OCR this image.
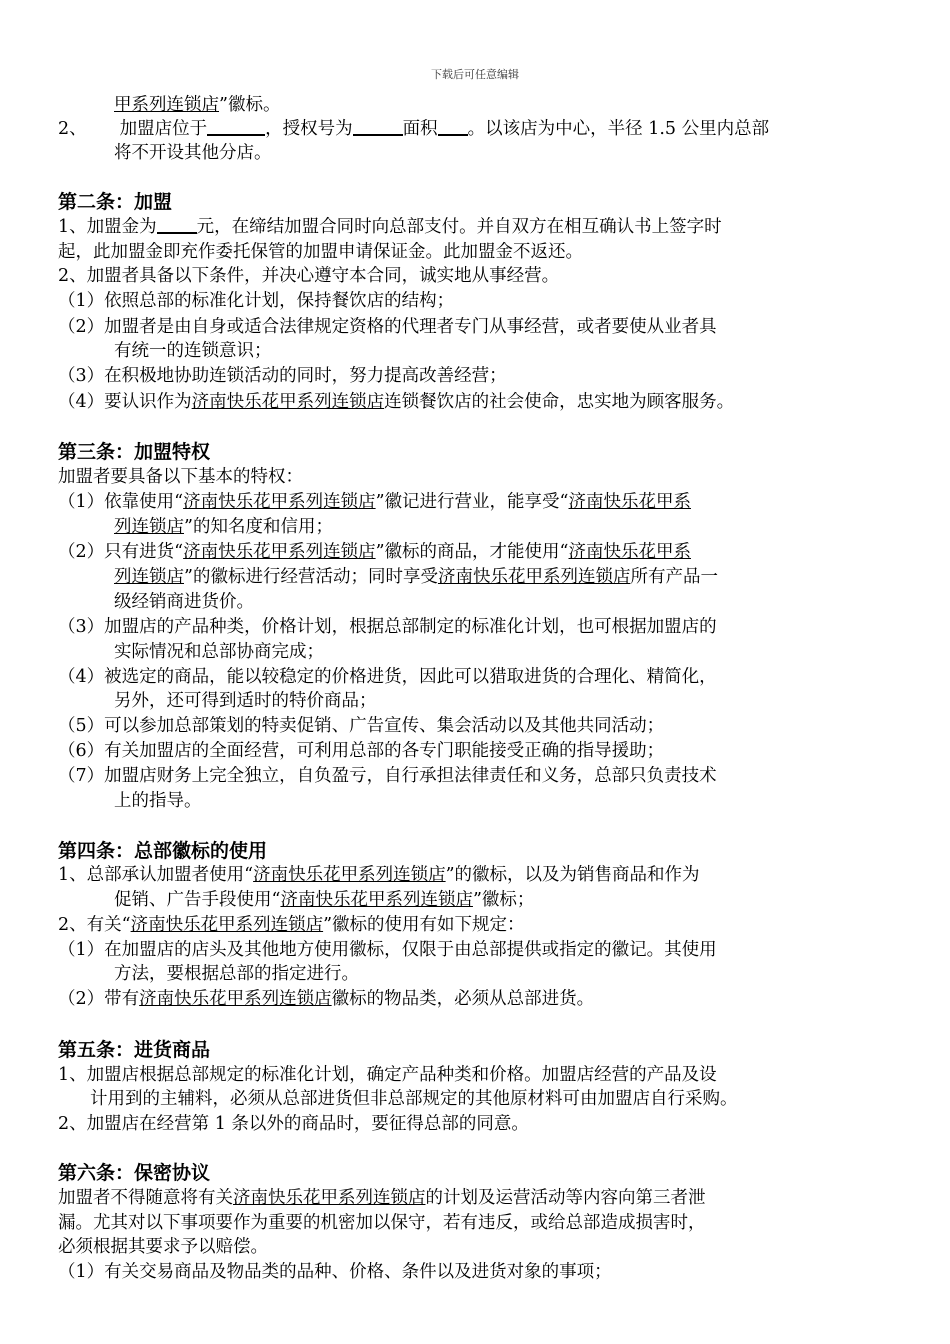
下载后可任意编辑
甲系列连锁店”徽标。
2、 加盟店位于	，授权号为	面积 。以该店为中心，半径 1.5 公里内总部
将不开设其他分店。
第二条：加盟
1、加盟金为 元，在缔结加盟合同时向总部支付。并自双方在相互确认书上签字时
起，此加盟金即充作委托保管的加盟申请保证金。此加盟金不返还。
2、加盟者具备以下条件，并决心遵守本合同，诚实地从事经营。
（1）依照总部的标准化计划，保持餐饮店的结构；
（2）加盟者是由自身或适合法律规定资格的代理者专门从事经营，或者要使从业者具
有统一的连锁意识；
（3）在积极地协助连锁活动的同时，努力提高改善经营；
（4）要认识作为济南快乐花甲系列连锁店连锁餐饮店的社会使命，忠实地为顾客服务。
第三条：加盟特权
加盟者要具备以下基本的特权：
（1）依靠使用“济南快乐花甲系列连锁店”徽记进行营业，能享受“济南快乐花甲系
列连锁店”的知名度和信用；
（2）只有进货“济南快乐花甲系列连锁店”徽标的商品，才能使用“济南快乐花甲系
列连锁店”的徽标进行经营活动；同时享受济南快乐花甲系列连锁店所有产品一
级经销商进货价。
（3）加盟店的产品种类，价格计划，根据总部制定的标准化计划，也可根据加盟店的
实际情况和总部协商完成；
（4）被选定的商品，能以较稳定的价格进货，因此可以猎取进货的合理化、精简化，
另外，还可得到适时的特价商品；
（5）可以参加总部策划的特卖促销、广告宣传、集会活动以及其他共同活动；
（6）有关加盟店的全面经营，可利用总部的各专门职能接受正确的指导援助；
（7）加盟店财务上完全独立，自负盈亏，自行承担法律责任和义务，总部只负责技术
上的指导。
第四条：总部徽标的使用
1、总部承认加盟者使用“济南快乐花甲系列连锁店”的徽标，以及为销售商品和作为
促销、广告手段使用“济南快乐花甲系列连锁店”徽标；
2、有关“济南快乐花甲系列连锁店”徽标的使用有如下规定：
（1）在加盟店的店头及其他地方使用徽标，仅限于由总部提供或指定的徽记。其使用
方法，要根据总部的指定进行。
（2）带有济南快乐花甲系列连锁店徽标的物品类，必须从总部进货。
第五条：进货商品
1、加盟店根据总部规定的标准化计划，确定产品种类和价格。加盟店经营的产品及设
计用到的主辅料，必须从总部进货但非总部规定的其他原材料可由加盟店自行采购。
2、加盟店在经营第 1 条以外的商品时，要征得总部的同意。
第六条：保密协议
加盟者不得随意将有关济南快乐花甲系列连锁店的计划及运营活动等内容向第三者泄
漏。尤其对以下事项要作为重要的机密加以保守，若有违反，或给总部造成损害时，
必须根据其要求予以赔偿。
（1）有关交易商品及物品类的品种、价格、条件以及进货对象的事项；
